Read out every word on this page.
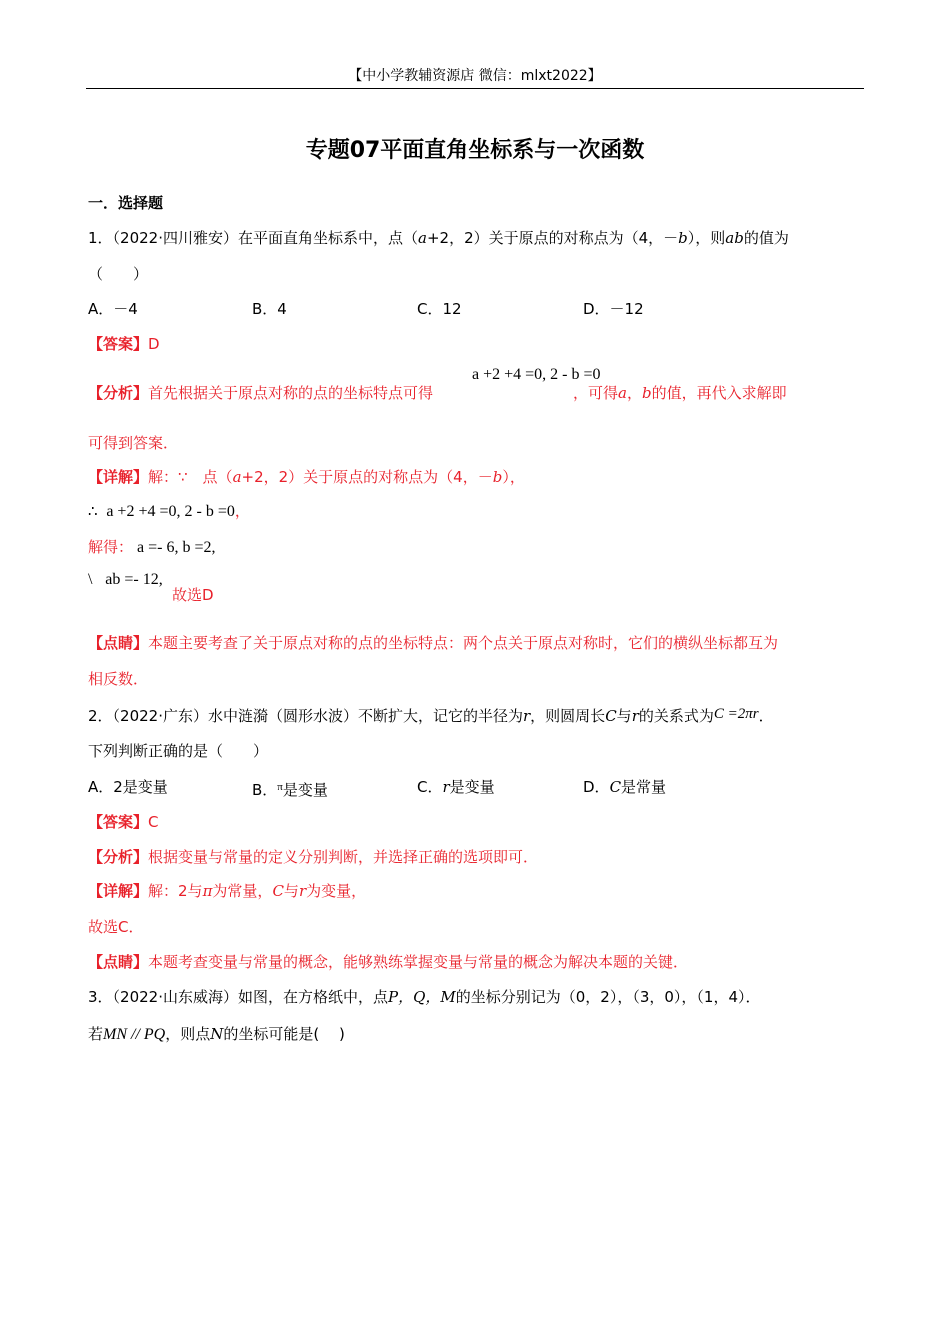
【中小学教辅资源店 微信：mlxt2022】
专题07平面直角坐标系与一次函数
一．选择题
1．（2022·四川雅安）在平面直角坐标系中，点（a+2，2）关于原点的对称点为（4，－b），则ab的值为
（　　）
A．－4	B．4	C．12	D．－12
【答案】D
a +2 +4 =0, 2 - b =0
【分析】首先根据关于原点对称的点的坐标特点可得	，可得a，b的值，再代入求解即
可得到答案．
【详解】解：∵　点（a+2，2）关于原点的对称点为（4，－b），
∴ a +2 +4 =0, 2 - b =0，
解得： a =- 6, b =2,
\ ab =- 12,
故选D
【点睛】本题主要考查了关于原点对称的点的坐标特点：两个点关于原点对称时，它们的横纵坐标都互为
相反数．
2．（2022·广东）水中涟漪（圆形水波）不断扩大，记它的半径为r，则圆周长C与r的关系式为C =2πr．
下列判断正确的是（　　）
A．2是变量	B．$^\pi$是变量	C．r是变量	D．C是常量
【答案】C
【分析】根据变量与常量的定义分别判断，并选择正确的选项即可．
【详解】解：2与π为常量，C与r为变量，
故选C．
【点睛】本题考查变量与常量的概念，能够熟练掌握变量与常量的概念为解决本题的关键．
3．（2022·山东威海）如图，在方格纸中，点P，Q，M的坐标分别记为（0，2），（3，0），（1，4）．
若MN // PQ，则点N的坐标可能是(　 )
